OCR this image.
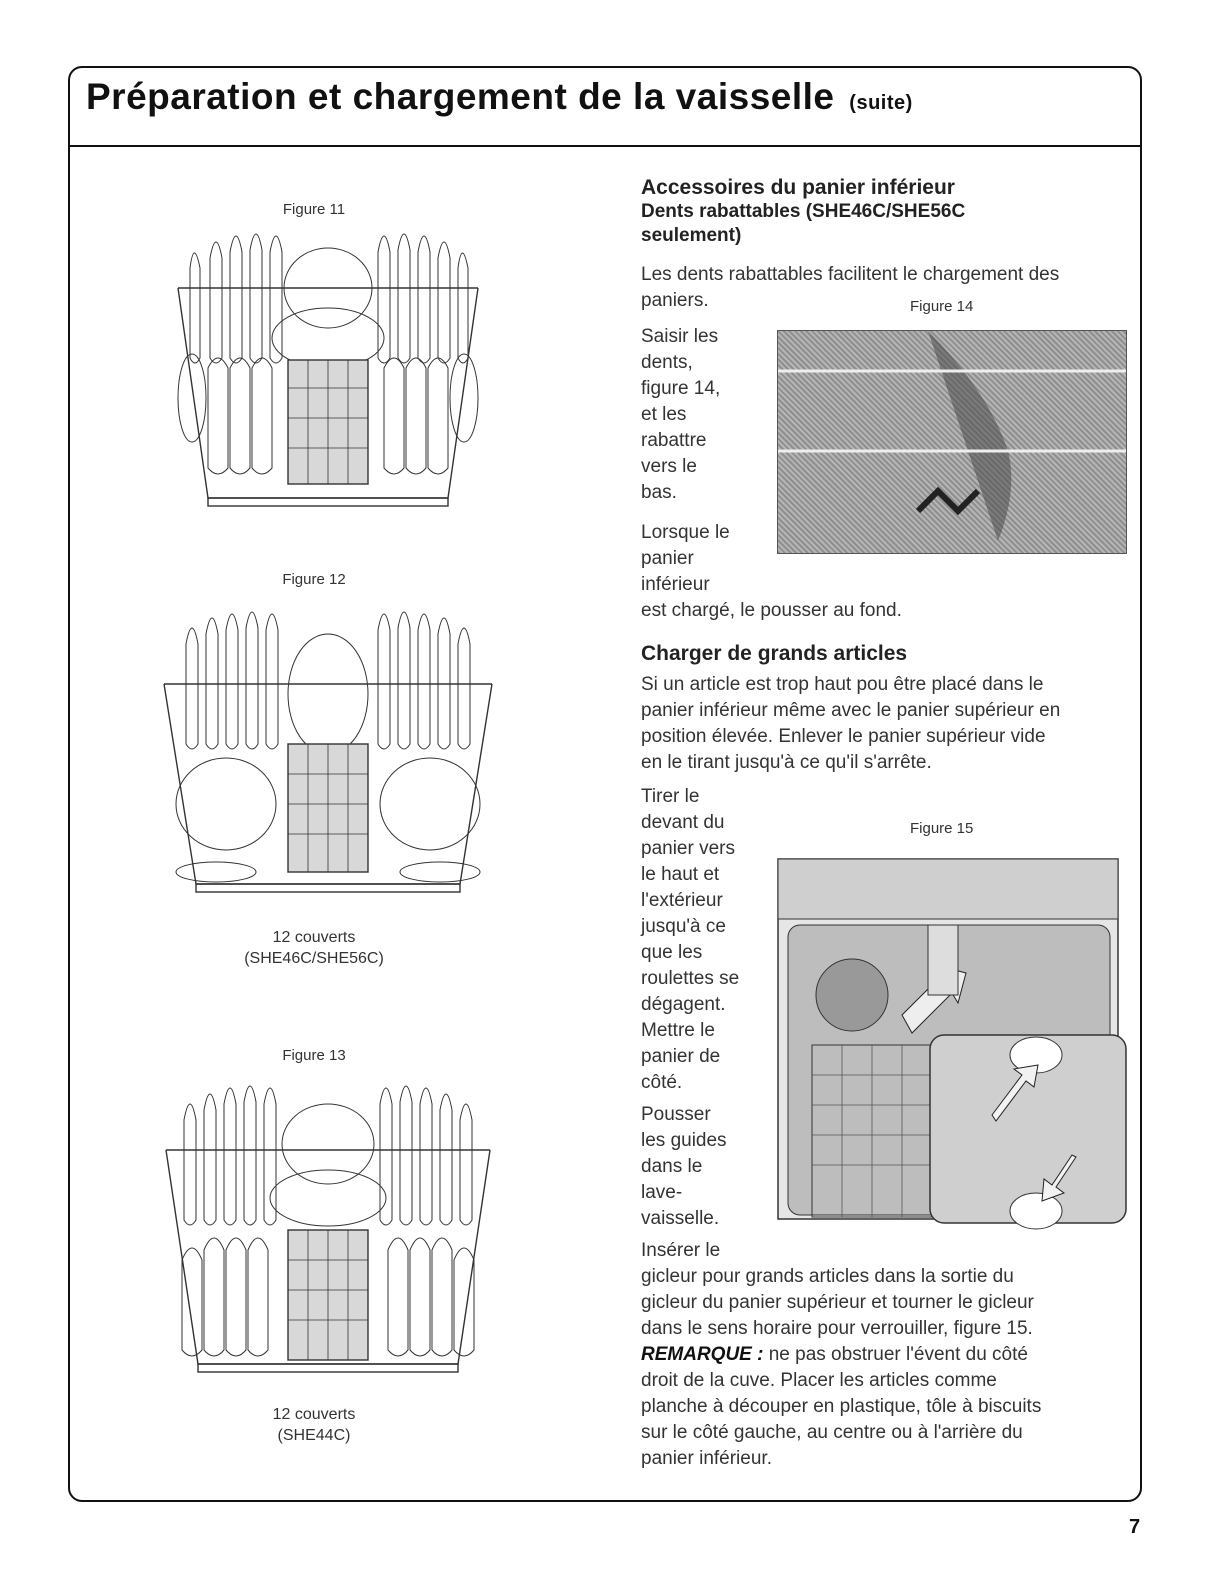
Préparation et chargement de la vaisselle (suite)
Figure 11
Figure 12
12 couverts
(SHE46C/SHE56C)
Figure 13
12 couverts
(SHE44C)
Accessoires du panier inférieur
Dents rabattables (SHE46C/SHE56C seulement)

Les dents rabattables facilitent le chargement des

paniers.	Figure 14
Saisir les
dents,
figure 14,
et les
rabattre
vers le
bas.
Lorsque le
panier
inférieur
est chargé, le pousser au fond.
Charger de grands articles

Si un article est trop haut pou être placé dans le

panier inférieur même avec le panier supérieur en

position élevée. Enlever le panier supérieur vide

en le tirant jusqu'à ce qu'il s'arrête.

Tirer le
devant du
panier vers
le haut et
l'extérieur
jusqu'à ce
que les
roulettes se
dégagent.
Mettre le
panier de
côté.
Pousser
les guides
dans le
lave-
vaisselle.
Figure 15

Insérer le

gicleur pour grands articles dans la sortie du

gicleur du panier supérieur et tourner le gicleur

dans le sens horaire pour verrouiller, figure 15.

REMARQUE : ne pas obstruer l'évent du côté

droit de la cuve. Placer les articles comme

planche à découper en plastique, tôle à biscuits

sur le côté gauche, au centre ou à l'arrière du

panier inférieur.

7
